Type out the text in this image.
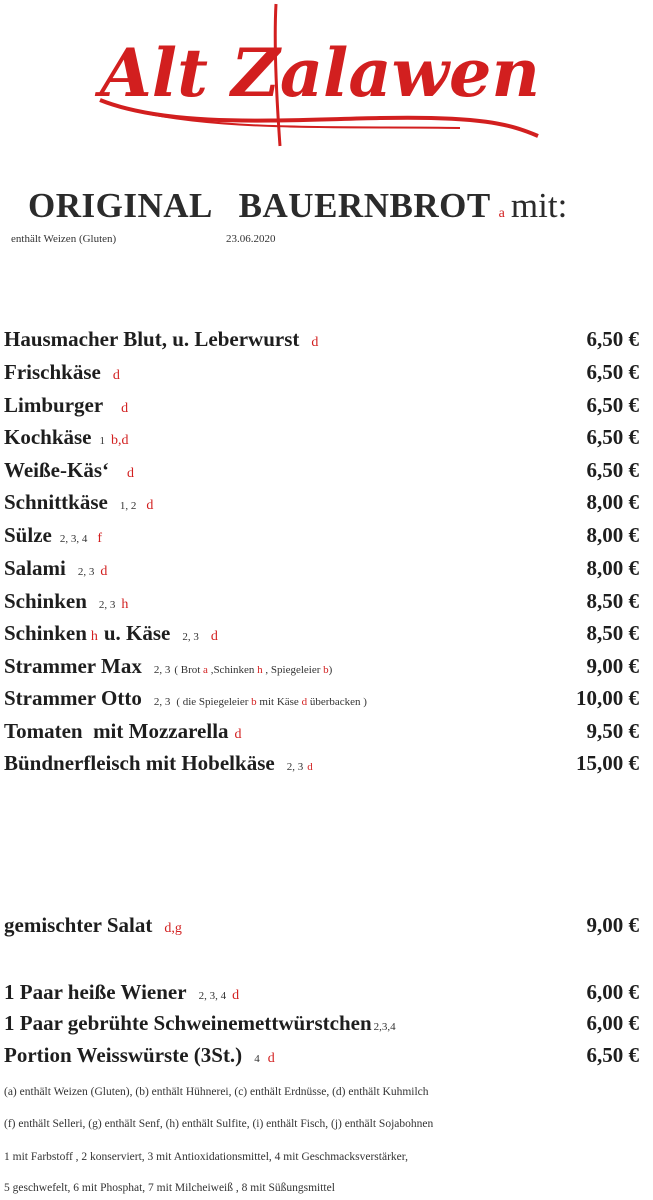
Alt Zalawen
ORIGINAL   BAUERNBROT a mit:
enthält Weizen (Gluten)	23.06.2020
Hausmacher Blut, u. Leberwurst d	6,50 €
Frischkäse d	6,50 €
Limburger d	6,50 €
Kochkäse 1 b,d	6,50 €
Weiße-Käs‘ d	6,50 €
Schnittkäse 1, 2 d	8,00 €
Sülze 2, 3, 4 f	8,00 €
Salami 2, 3 d	8,00 €
Schinken 2, 3 h	8,50 €
Schinken h u. Käse 2, 3 d	8,50 €
Strammer Max 2, 3 ( Brot a ,Schinken h , Spiegeleier b )	9,00 €
Strammer Otto 2, 3 ( die Spiegeleier b mit Käse d überbacken )	10,00 €
Tomaten  mit Mozzarella d	9,50 €
Bündnerfleisch mit Hobelkäse 2, 3 d	15,00 €
gemischter Salat d,g	9,00 €
1 Paar heiße Wiener 2, 3, 4 d	6,00 €
1 Paar gebrühte Schweinemettwürstchen 2,3,4	6,00 €
Portion Weisswürste (3St.) 4 d	6,50 €
(a) enthält Weizen (Gluten), (b) enthält Hühnerei, (c) enthält Erdnüsse, (d) enthält Kuhmilch
(f) enthält Selleri, (g) enthält Senf, (h) enthält Sulfite, (i) enthält Fisch, (j) enthält Sojabohnen
1 mit Farbstoff , 2 konserviert, 3 mit Antioxidationsmittel, 4 mit Geschmacksverstärker,
5 geschwefelt, 6 mit Phosphat, 7 mit Milcheiweiß , 8 mit Süßungsmittel
